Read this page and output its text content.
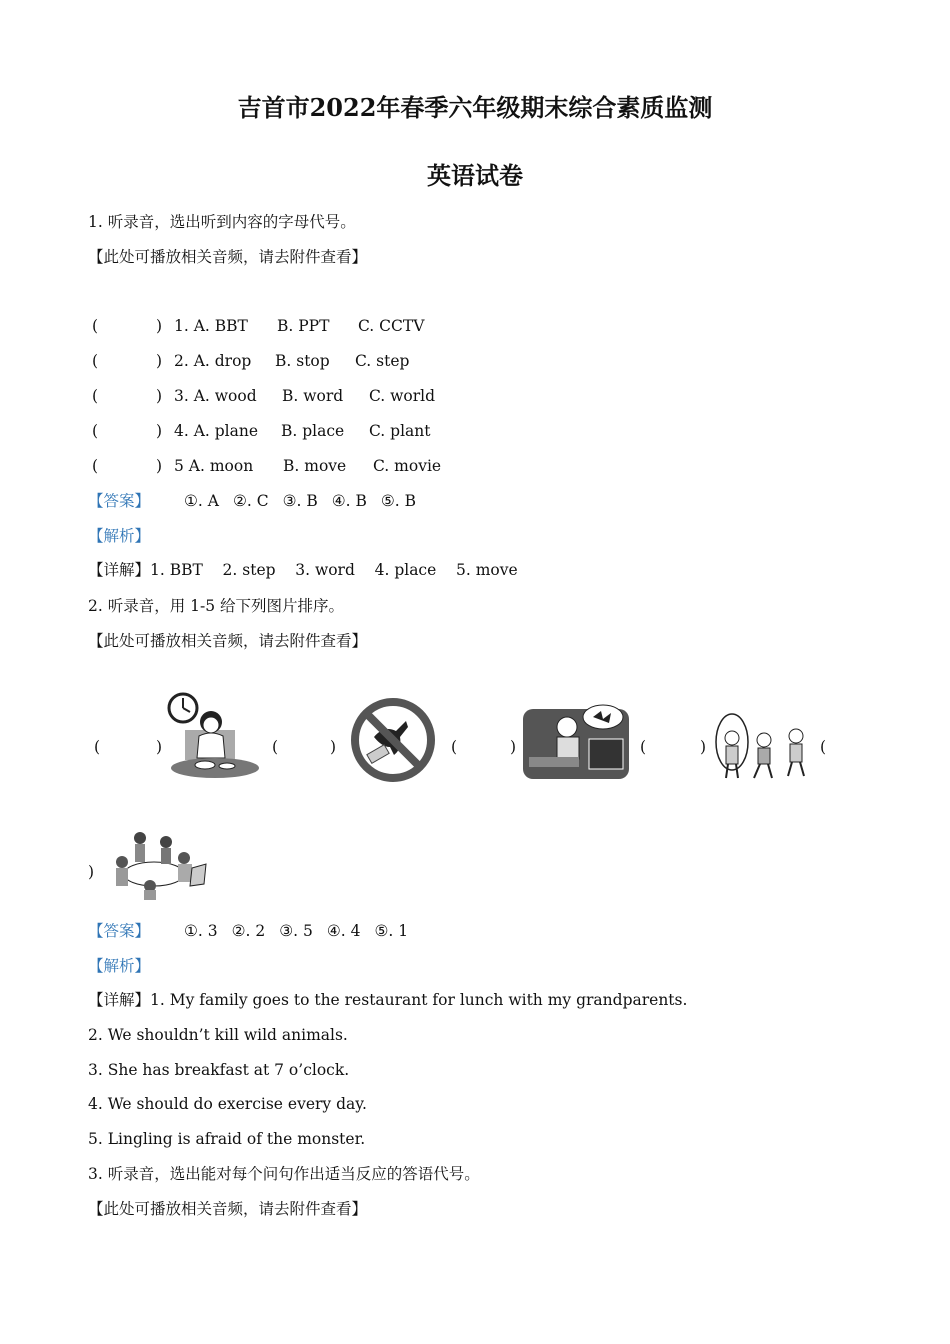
吉首市2022年春季六年级期末综合素质监测
英语试卷
1. 听录音，选出听到内容的字母代号。
【此处可播放相关音频，请去附件查看】
(	) 1. A. BBT B. PPT C. CCTV
(	) 2. A. drop B. stop C. step
(	) 3. A. wood B. word C. world
(	) 4. A. plane B. place C. plant
(	) 5 A. moon B. move C. movie
【答案】 ①. A ②. C ③. B ④. B ⑤. B
【解析】
【详解】1. BBT    2. step    3. word    4. place    5. move
2. 听录音，用 1-5 给下列图片排序。
【此处可播放相关音频，请去附件查看】
(	)	(	)	(	)	(	)	(
)
【答案】 ①. 3 ②. 2 ③. 5 ④. 4 ⑤. 1
【解析】
【详解】1. My family goes to the restaurant for lunch with my grandparents.
2. We shouldn’t kill wild animals.
3. She has breakfast at 7 o’clock.
4. We should do exercise every day.
5. Lingling is afraid of the monster.
3. 听录音，选出能对每个问句作出适当反应的答语代号。
【此处可播放相关音频，请去附件查看】
